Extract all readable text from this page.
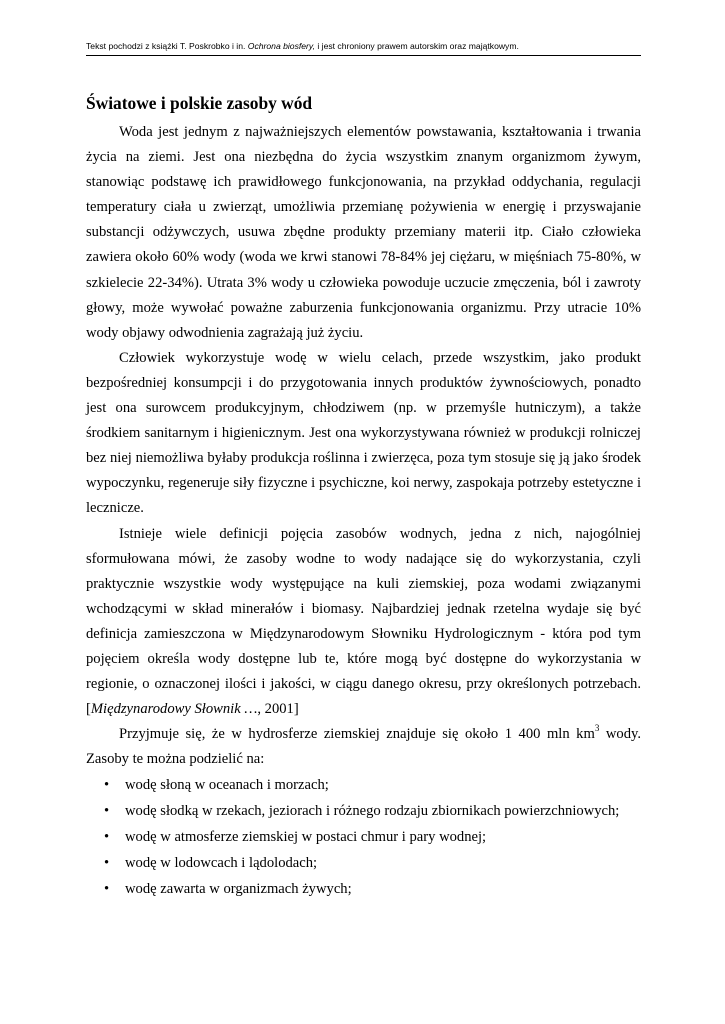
Tekst pochodzi z książki T. Poskrobko i in. Ochrona biosfery, i jest chroniony prawem autorskim oraz majątkowym.
Światowe i polskie zasoby wód

Woda jest jednym z najważniejszych elementów powstawania, kształtowania i trwania życia na ziemi. Jest ona niezbędna do życia wszystkim znanym organizmom żywym, stanowiąc podstawę ich prawidłowego funkcjonowania, na przykład oddychania, regulacji temperatury ciała u zwierząt, umożliwia przemianę pożywienia w energię i przyswajanie substancji odżywczych, usuwa zbędne produkty przemiany materii itp. Ciało człowieka zawiera około 60% wody (woda we krwi stanowi 78-84% jej ciężaru, w mięśniach 75-80%, w szkielecie 22-34%). Utrata 3% wody u człowieka powoduje uczucie zmęczenia, ból i zawroty głowy, może wywołać poważne zaburzenia funkcjonowania organizmu. Przy utracie 10% wody objawy odwodnienia zagrażają już życiu.

Człowiek wykorzystuje wodę w wielu celach, przede wszystkim, jako produkt bezpośredniej konsumpcji i do przygotowania innych produktów żywnościowych, ponadto jest ona surowcem produkcyjnym, chłodziwem (np. w przemyśle hutniczym), a także środkiem sanitarnym i higienicznym. Jest ona wykorzystywana również w produkcji rolniczej bez niej niemożliwa byłaby produkcja roślinna i zwierzęca, poza tym stosuje się ją jako środek wypoczynku, regeneruje siły fizyczne i psychiczne, koi nerwy, zaspokaja potrzeby estetyczne i lecznicze.

Istnieje wiele definicji pojęcia zasobów wodnych, jedna z nich, najogólniej sformułowana mówi, że zasoby wodne to wody nadające się do wykorzystania, czyli praktycznie wszystkie wody występujące na kuli ziemskiej, poza wodami związanymi wchodzącymi w skład minerałów i biomasy. Najbardziej jednak rzetelna wydaje się być definicja zamieszczona w Międzynarodowym Słowniku Hydrologicznym - która pod tym pojęciem określa wody dostępne lub te, które mogą być dostępne do wykorzystania w regionie, o oznaczonej ilości i jakości, w ciągu danego okresu, przy określonych potrzebach. [Międzynarodowy Słownik …, 2001]

Przyjmuje się, że w hydrosferze ziemskiej znajduje się około 1 400 mln $km^3$ wody. Zasoby te można podzielić na:

• wodę słoną w oceanach i morzach;
• wodę słodką w rzekach, jeziorach i różnego rodzaju zbiornikach powierzchniowych;
• wodę w atmosferze ziemskiej w postaci chmur i pary wodnej;
• wodę w lodowcach i lądolodach;
• wodę zawarta w organizmach żywych;
